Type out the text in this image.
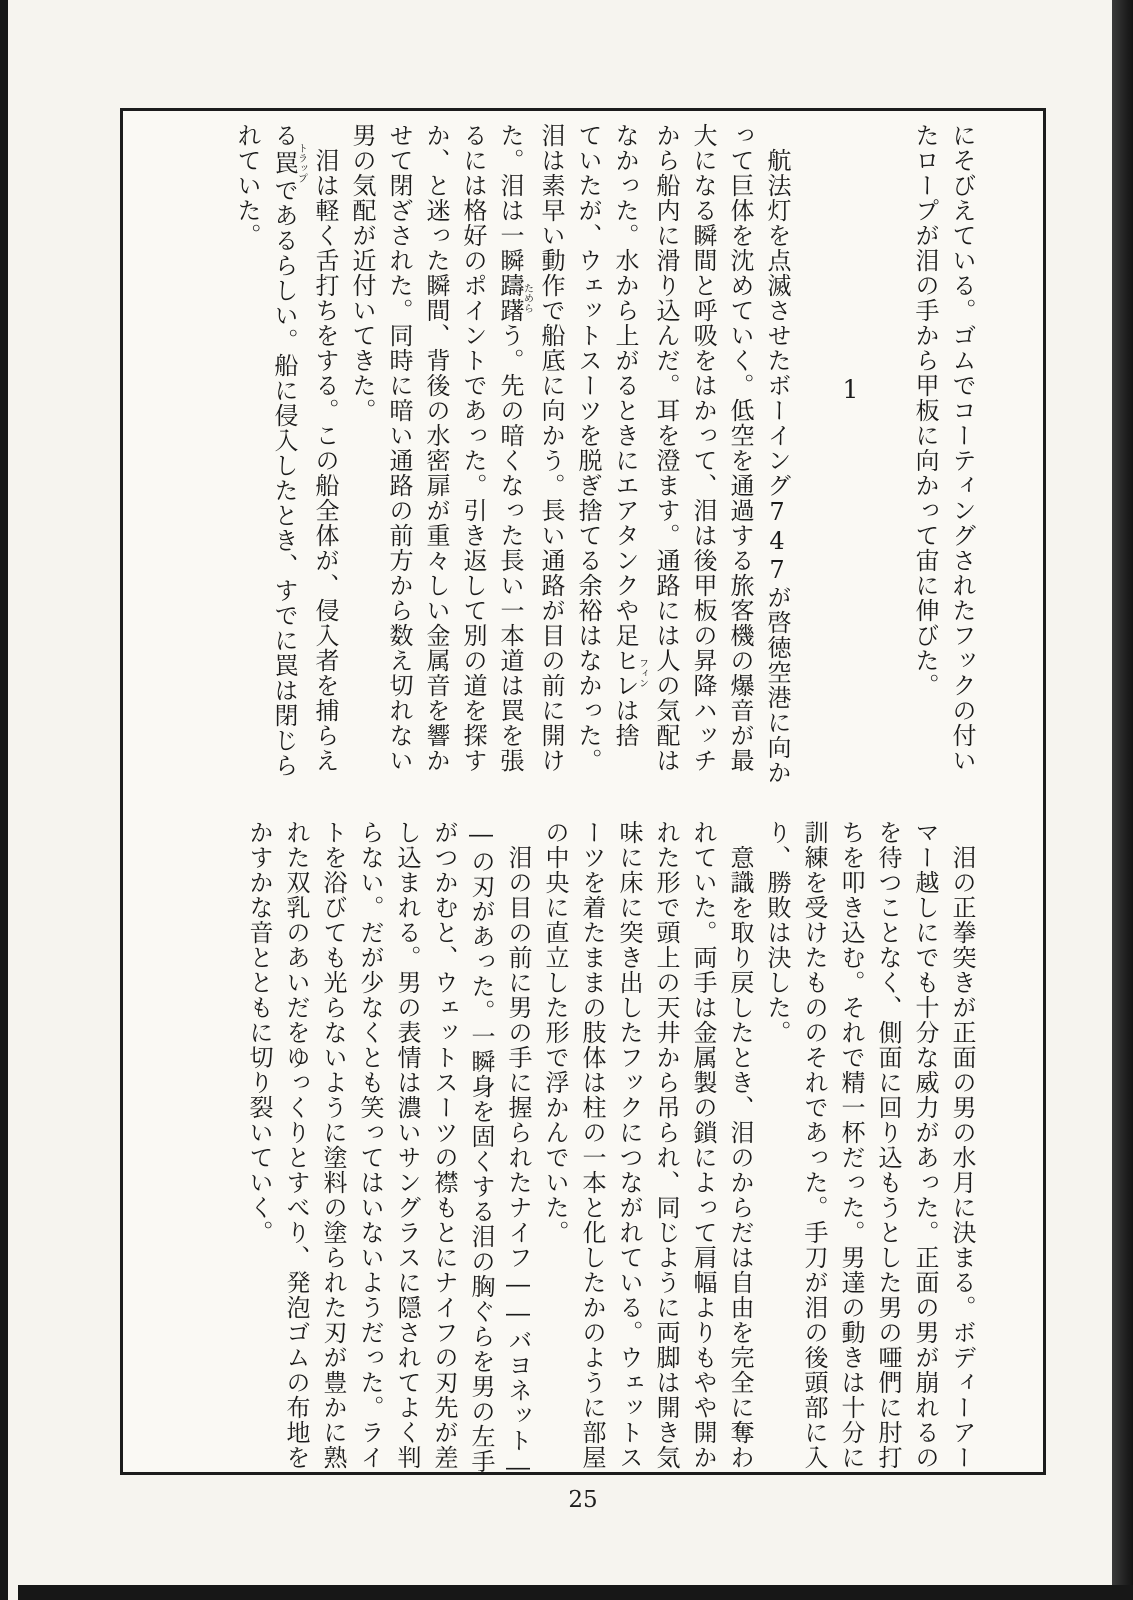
にそびえている。ゴムでコーティングされたフックの付い
たロープが泪の手から甲板に向かって宙に伸びた。
1
　航法灯を点滅させたボーイング747が啓徳空港に向か
って巨体を沈めていく。低空を通過する旅客機の爆音が最
大になる瞬間と呼吸をはかって、泪は後甲板の昇降ハッチ
から船内に滑り込んだ。耳を澄ます。通路には人の気配は
なかった。水から上がるときにエアタンクや足ヒレフィンは捨
ていたが、ウェットスーツを脱ぎ捨てる余裕はなかった。
泪は素早い動作で船底に向かう。長い通路が目の前に開け
た。泪は一瞬躊躇ためらう。先の暗くなった長い一本道は罠を張
るには格好のポイントであった。引き返して別の道を探す
か、と迷った瞬間、背後の水密扉が重々しい金属音を響か
せて閉ざされた。同時に暗い通路の前方から数え切れない
男の気配が近付いてきた。
　泪は軽く舌打ちをする。この船全体が、侵入者を捕らえ
る罠トラップであるらしい。船に侵入したとき、すでに罠は閉じら
れていた。
　泪の正拳突きが正面の男の水月に決まる。ボディーアー
マー越しにでも十分な威力があった。正面の男が崩れるの
を待つことなく、側面に回り込もうとした男の唖們に肘打
ちを叩き込む。それで精一杯だった。男達の動きは十分に
訓練を受けたもののそれであった。手刀が泪の後頭部に入
り、勝敗は決した。
　意識を取り戻したとき、泪のからだは自由を完全に奪わ
れていた。両手は金属製の鎖によって肩幅よりもやや開か
れた形で頭上の天井から吊られ、同じように両脚は開き気
味に床に突き出したフックにつながれている。ウェットス
ーツを着たままの肢体は柱の一本と化したかのように部屋
の中央に直立した形で浮かんでいた。
　泪の目の前に男の手に握られたナイフ――バヨネット―
―の刃があった。一瞬身を固くする泪の胸ぐらを男の左手
がつかむと、ウェットスーツの襟もとにナイフの刃先が差
し込まれる。男の表情は濃いサングラスに隠されてよく判
らない。だが少なくとも笑ってはいないようだった。ライ
トを浴びても光らないように塗料の塗られた刃が豊かに熟
れた双乳のあいだをゆっくりとすべり、発泡ゴムの布地を
かすかな音とともに切り裂いていく。
25
